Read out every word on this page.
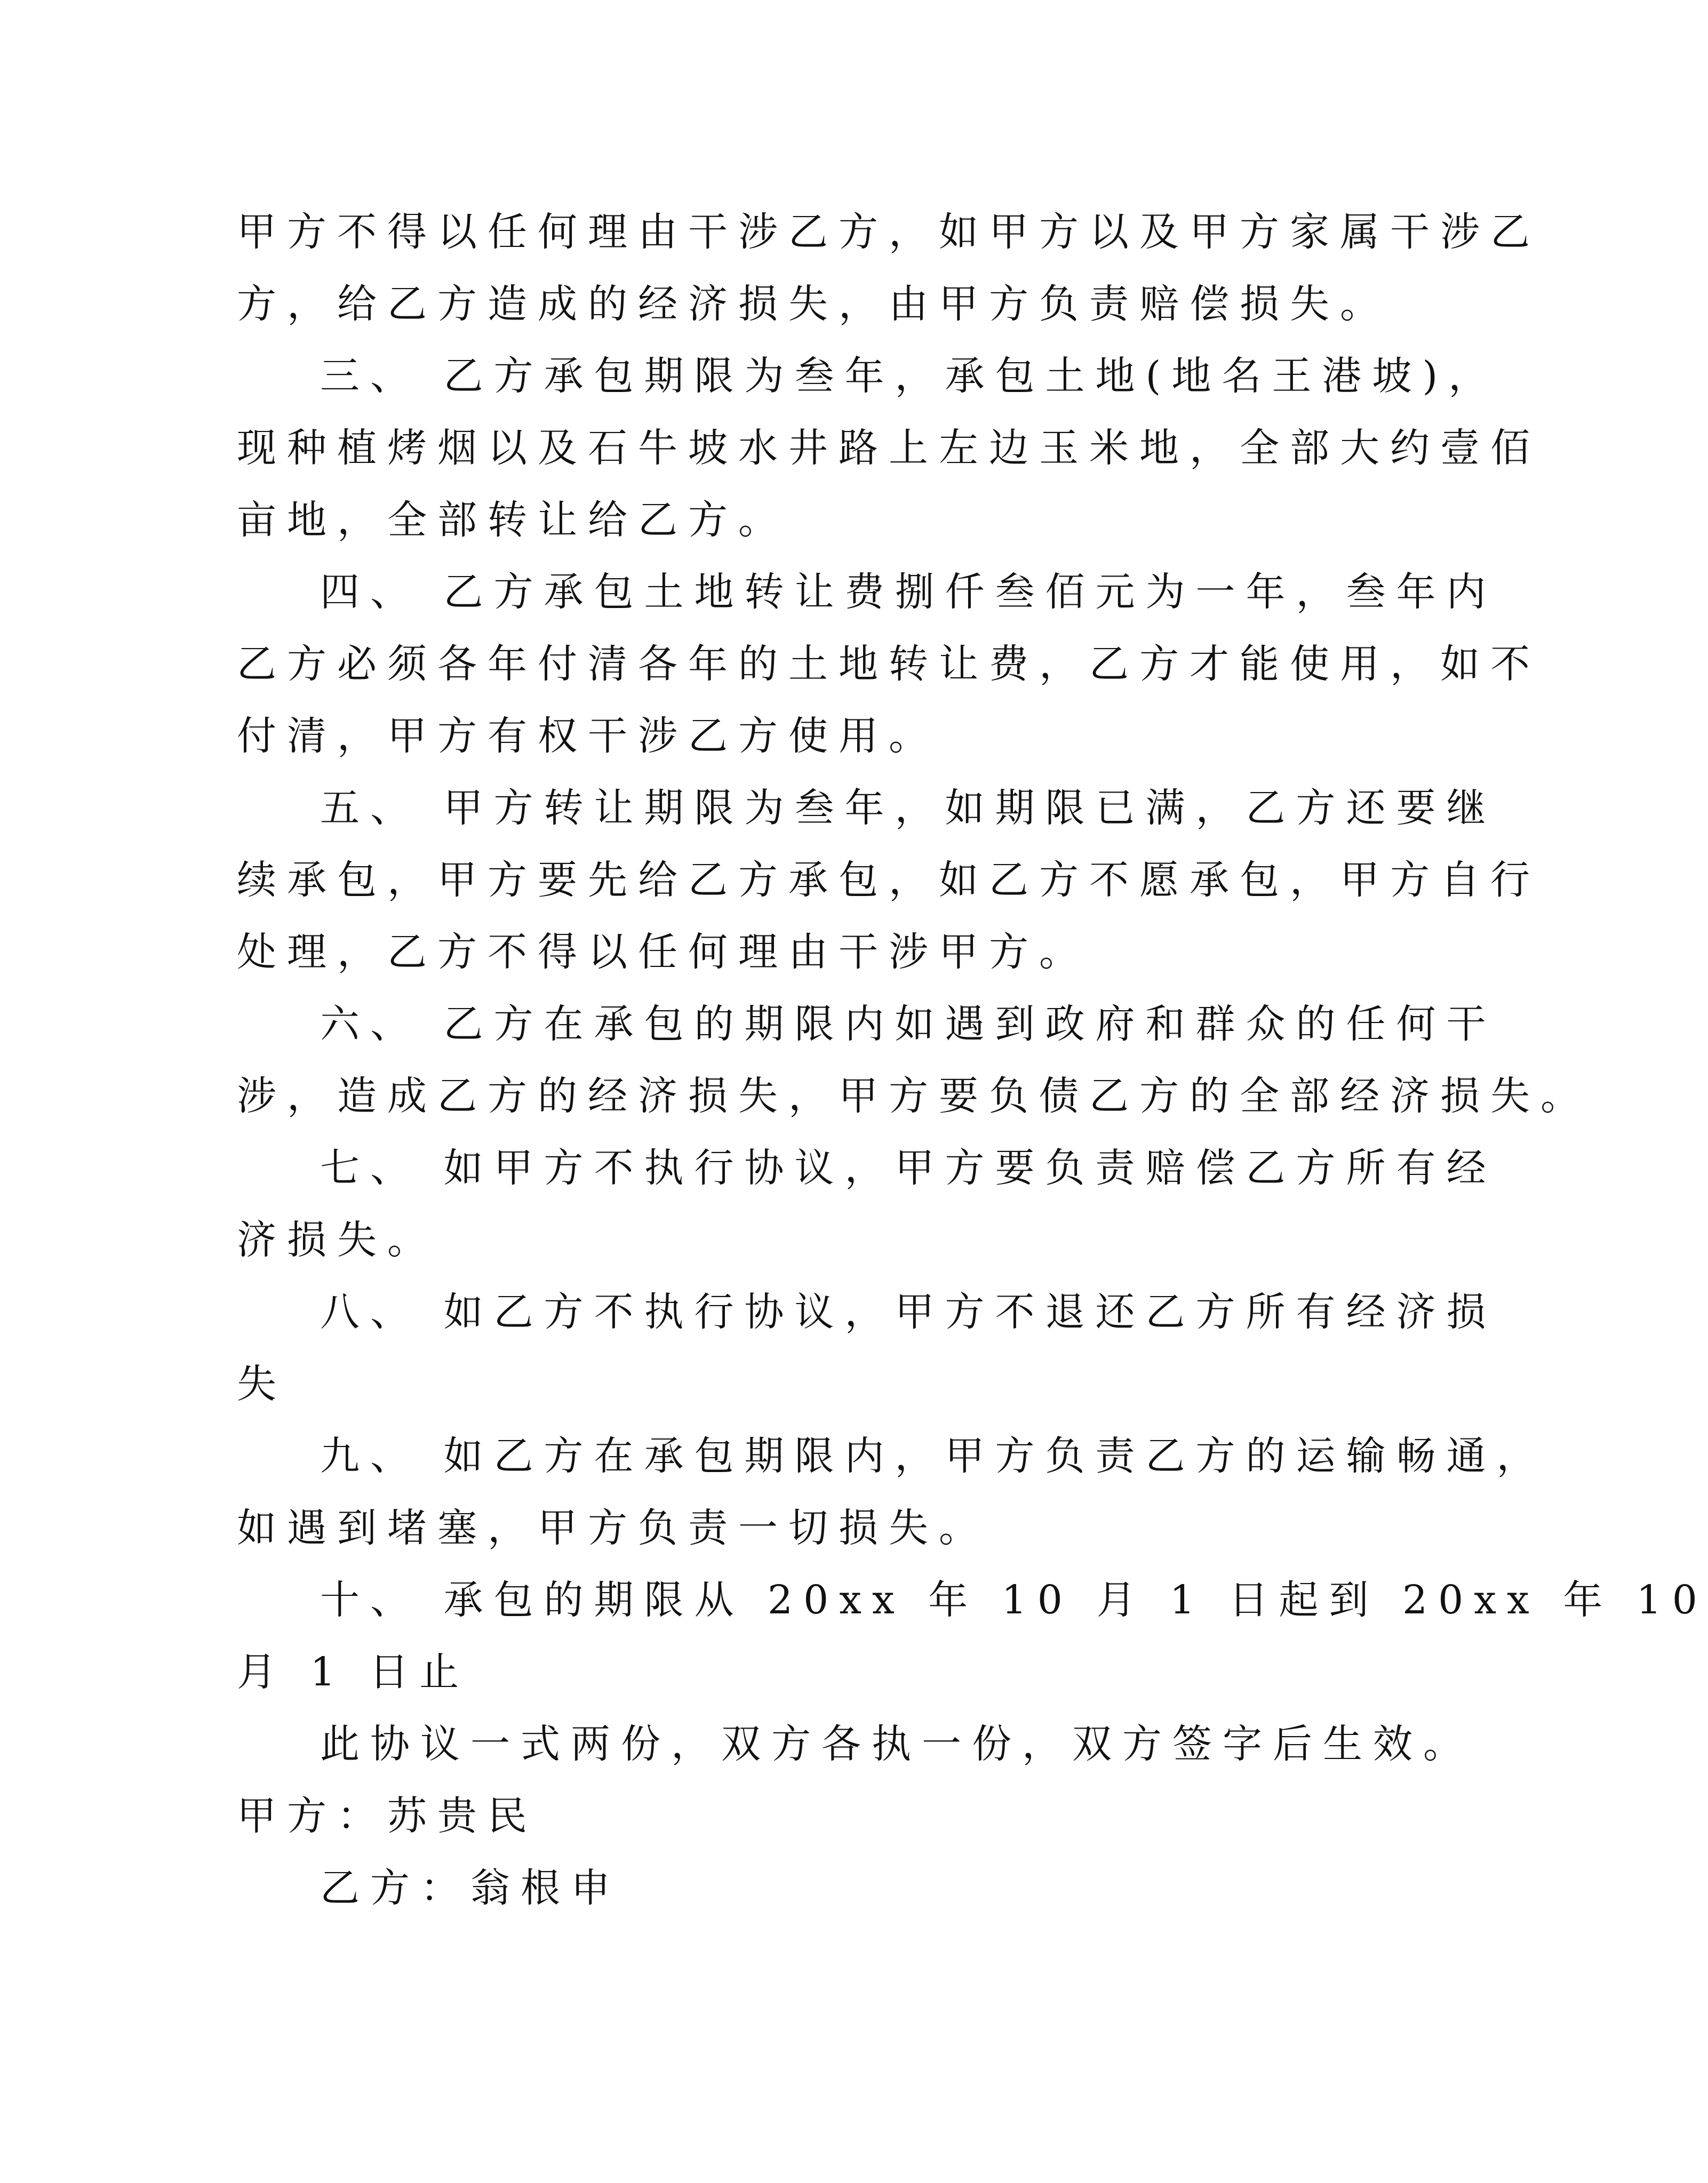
甲方不得以任何理由干涉乙方，如甲方以及甲方家属干涉乙
方，给乙方造成的经济损失，由甲方负责赔偿损失。
三、 乙方承包期限为叁年，承包土地(地名王港坡)，
现种植烤烟以及石牛坡水井路上左边玉米地，全部大约壹佰
亩地，全部转让给乙方。
四、 乙方承包土地转让费捌仟叁佰元为一年，叁年内
乙方必须各年付清各年的土地转让费，乙方才能使用，如不
付清，甲方有权干涉乙方使用。
五、 甲方转让期限为叁年，如期限已满，乙方还要继
续承包，甲方要先给乙方承包，如乙方不愿承包，甲方自行
处理，乙方不得以任何理由干涉甲方。
六、 乙方在承包的期限内如遇到政府和群众的任何干
涉，造成乙方的经济损失，甲方要负债乙方的全部经济损失。
七、 如甲方不执行协议，甲方要负责赔偿乙方所有经
济损失。
八、 如乙方不执行协议，甲方不退还乙方所有经济损
失
九、 如乙方在承包期限内，甲方负责乙方的运输畅通，
如遇到堵塞，甲方负责一切损失。
十、 承包的期限从 20xx 年 10 月 1 日起到 20xx 年 10
月 1 日止
此协议一式两份，双方各执一份，双方签字后生效。
甲方：苏贵民
乙方：翁根申
